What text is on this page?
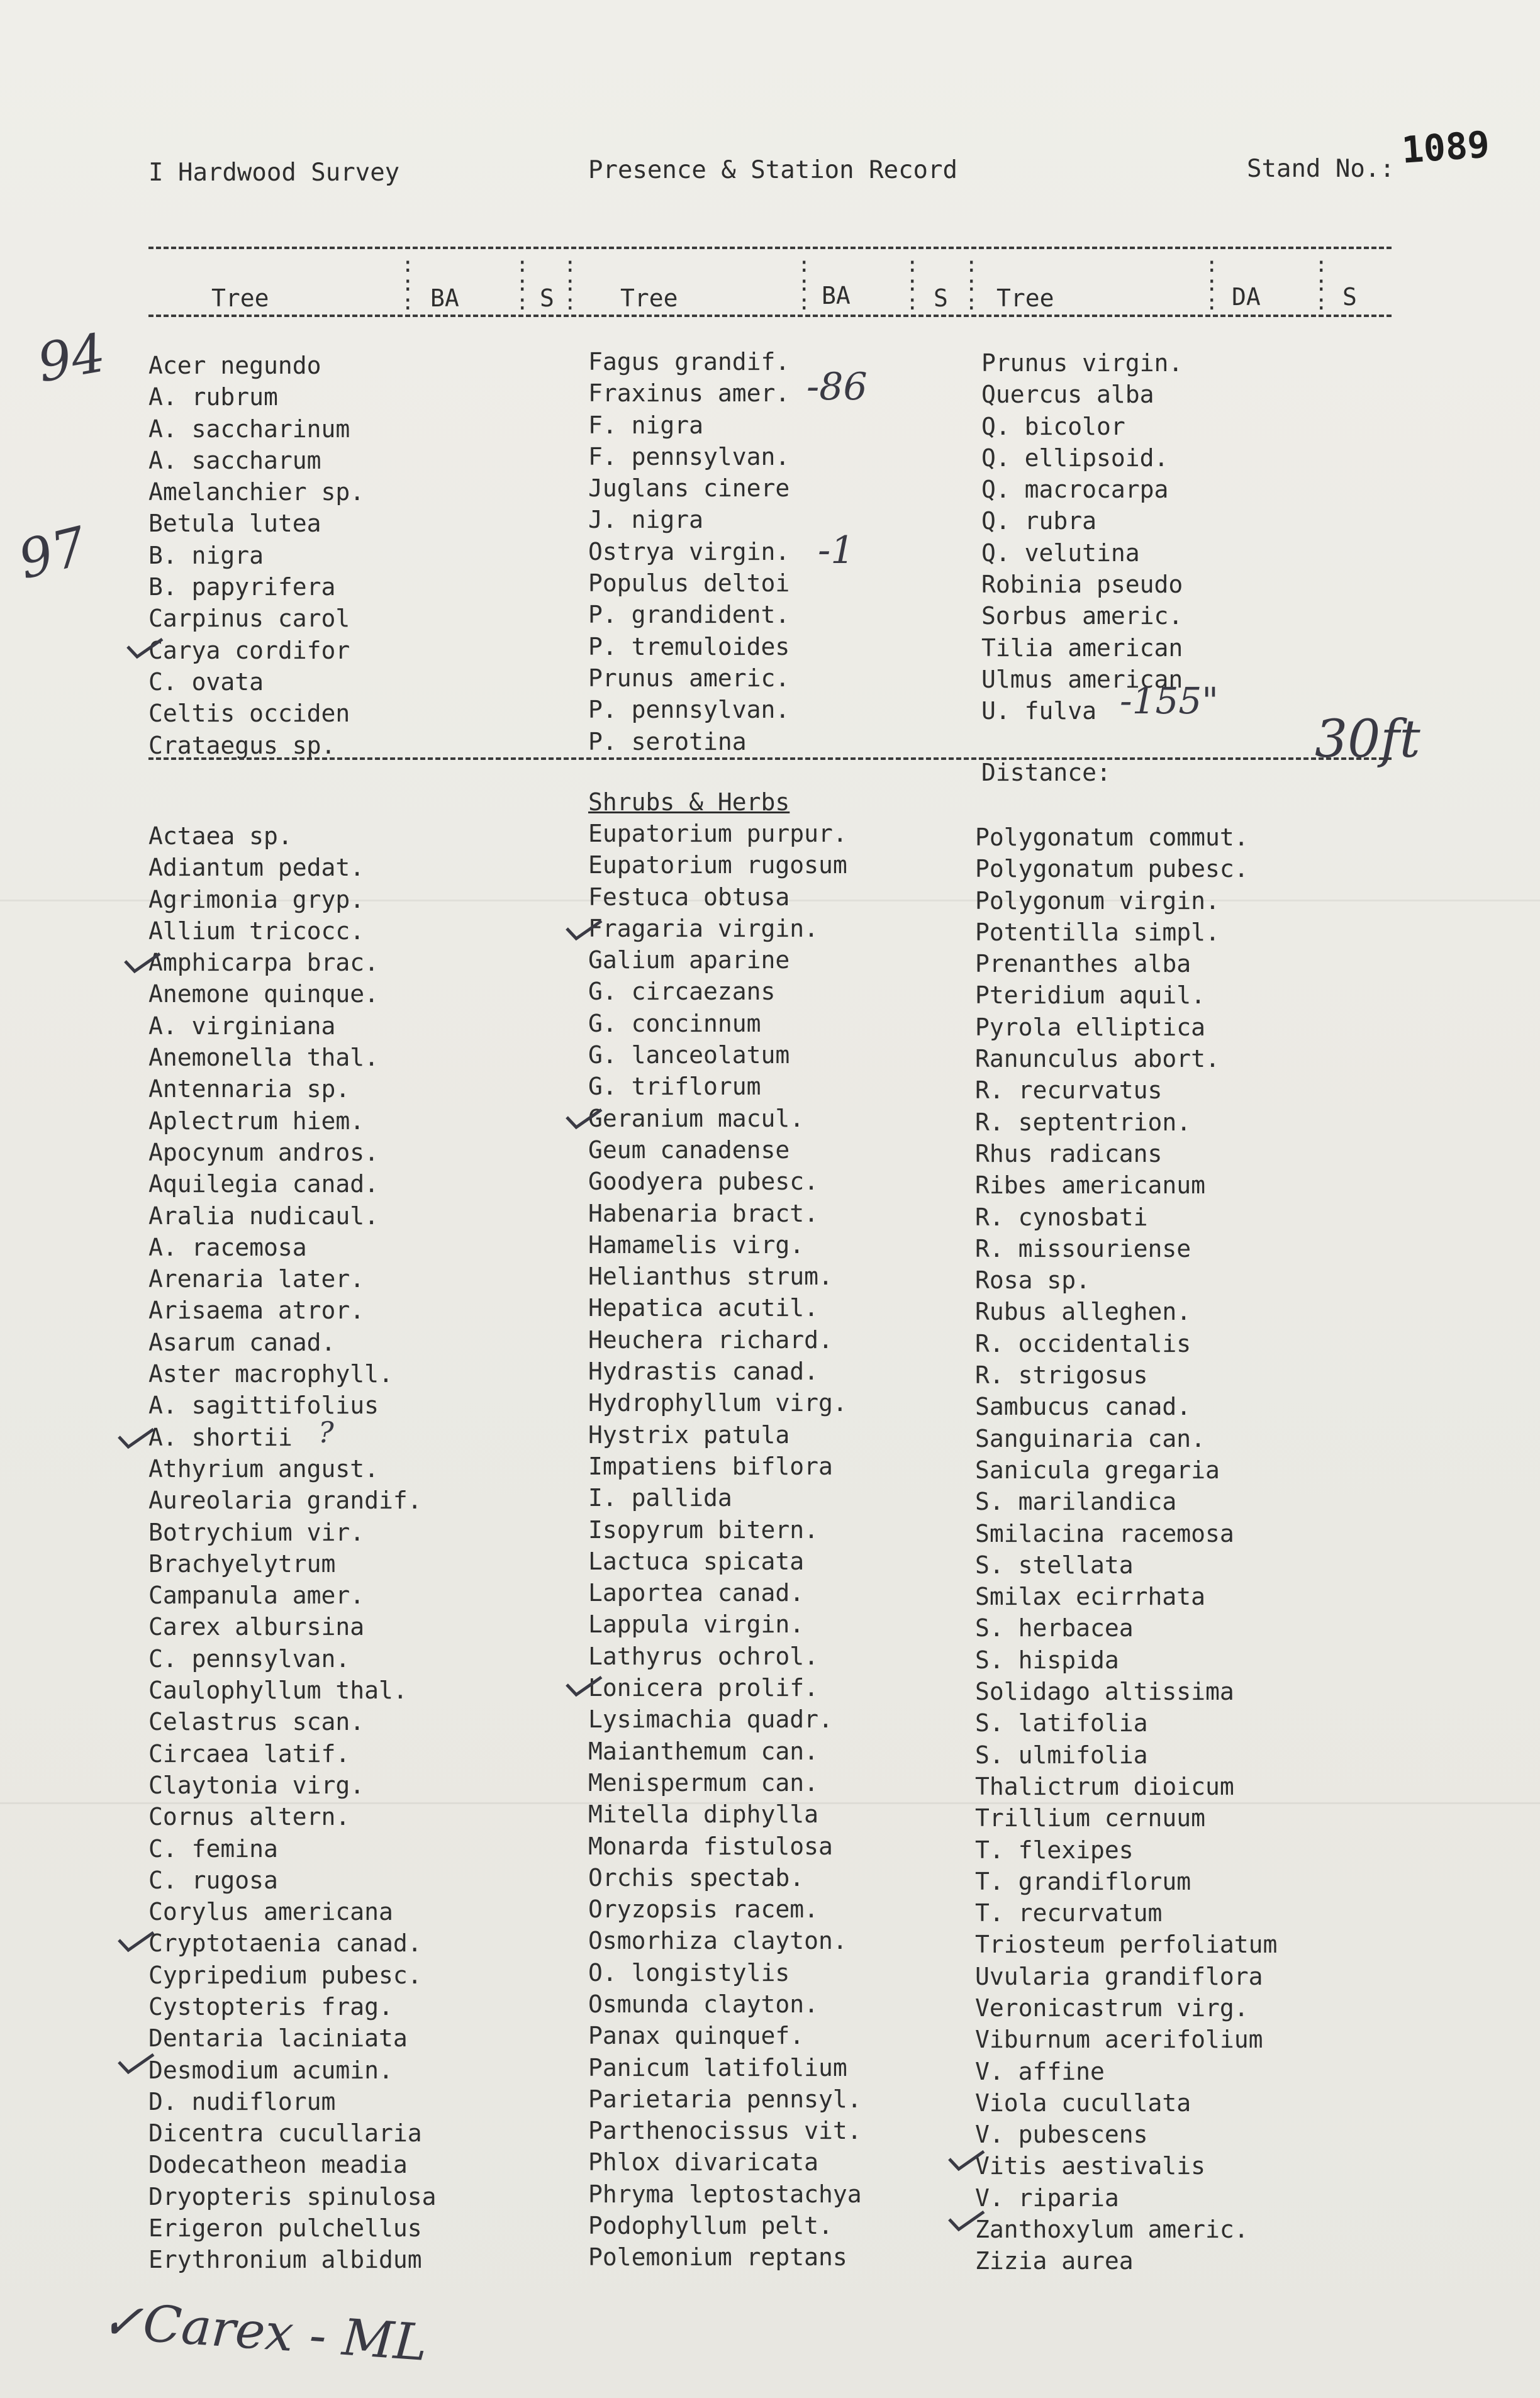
I Hardwood Survey	Presence & Station Record	Stand No.: 1089
:
:
:
:
:
:
:
:
:
:
:
:
:
:
:
:
:
:
:
:
:
:
:
:
Tree	BA	S	Tree	BA	S Tree	DA	S
Acer negundo
A. rubrum
A. saccharinum
A. saccharum
Amelanchier sp.
Betula lutea
B. nigra
B. papyrifera
Carpinus carol
Carya cordifor
C. ovata
Celtis occiden
Crataegus sp.
Fagus grandif.
Fraxinus amer.
F. nigra
F. pennsylvan.
Juglans cinere
J. nigra
Ostrya virgin.
Populus deltoi
P. grandident.
P. tremuloides
Prunus americ.
P. pennsylvan.
P. serotina
Prunus virgin.
Quercus alba
Q. bicolor
Q. ellipsoid.
Q. macrocarpa
Q. rubra
Q. velutina
Robinia pseudo
Sorbus americ.
Tilia american
Ulmus american
U. fulva
Distance:
Shrubs & Herbs
Actaea sp.
Adiantum pedat.
Agrimonia gryp.
Allium tricocc.
Amphicarpa brac.
Anemone quinque.
A. virginiana
Anemonella thal.
Antennaria sp.
Aplectrum hiem.
Apocynum andros.
Aquilegia canad.
Aralia nudicaul.
A. racemosa
Arenaria later.
Arisaema atror.
Asarum canad.
Aster macrophyll.
A. sagittifolius
A. shortii
Athyrium angust.
Aureolaria grandif.
Botrychium vir.
Brachyelytrum
Campanula amer.
Carex albursina
C. pennsylvan.
Caulophyllum thal.
Celastrus scan.
Circaea latif.
Claytonia virg.
Cornus altern.
C. femina
C. rugosa
Corylus americana
Cryptotaenia canad.
Cypripedium pubesc.
Cystopteris frag.
Dentaria laciniata
Desmodium acumin.
D. nudiflorum
Dicentra cucullaria
Dodecatheon meadia
Dryopteris spinulosa
Erigeron pulchellus
Erythronium albidum
Eupatorium purpur.
Eupatorium rugosum
Festuca obtusa
Fragaria virgin.
Galium aparine
G. circaezans
G. concinnum
G. lanceolatum
G. triflorum
Geranium macul.
Geum canadense
Goodyera pubesc.
Habenaria bract.
Hamamelis virg.
Helianthus strum.
Hepatica acutil.
Heuchera richard.
Hydrastis canad.
Hydrophyllum virg.
Hystrix patula
Impatiens biflora
I. pallida
Isopyrum bitern.
Lactuca spicata
Laportea canad.
Lappula virgin.
Lathyrus ochrol.
Lonicera prolif.
Lysimachia quadr.
Maianthemum can.
Menispermum can.
Mitella diphylla
Monarda fistulosa
Orchis spectab.
Oryzopsis racem.
Osmorhiza clayton.
O. longistylis
Osmunda clayton.
Panax quinquef.
Panicum latifolium
Parietaria pennsyl.
Parthenocissus vit.
Phlox divaricata
Phryma leptostachya
Podophyllum pelt.
Polemonium reptans
Polygonatum commut.
Polygonatum pubesc.
Polygonum virgin.
Potentilla simpl.
Prenanthes alba
Pteridium aquil.
Pyrola elliptica
Ranunculus abort.
R. recurvatus
R. septentrion.
Rhus radicans
Ribes americanum
R. cynosbati
R. missouriense
Rosa sp.
Rubus alleghen.
R. occidentalis
R. strigosus
Sambucus canad.
Sanguinaria can.
Sanicula gregaria
S. marilandica
Smilacina racemosa
S. stellata
Smilax ecirrhata
S. herbacea
S. hispida
Solidago altissima
S. latifolia
S. ulmifolia
Thalictrum dioicum
Trillium cernuum
T. flexipes
T. grandiflorum
T. recurvatum
Triosteum perfoliatum
Uvularia grandiflora
Veronicastrum virg.
Viburnum acerifolium
V. affine
Viola cucullata
V. pubescens
Vitis aestivalis
V. riparia
Zanthoxylum americ.
Zizia aurea
94
97
-86
-1
-155"
30ft
?
✓Carex - ML
